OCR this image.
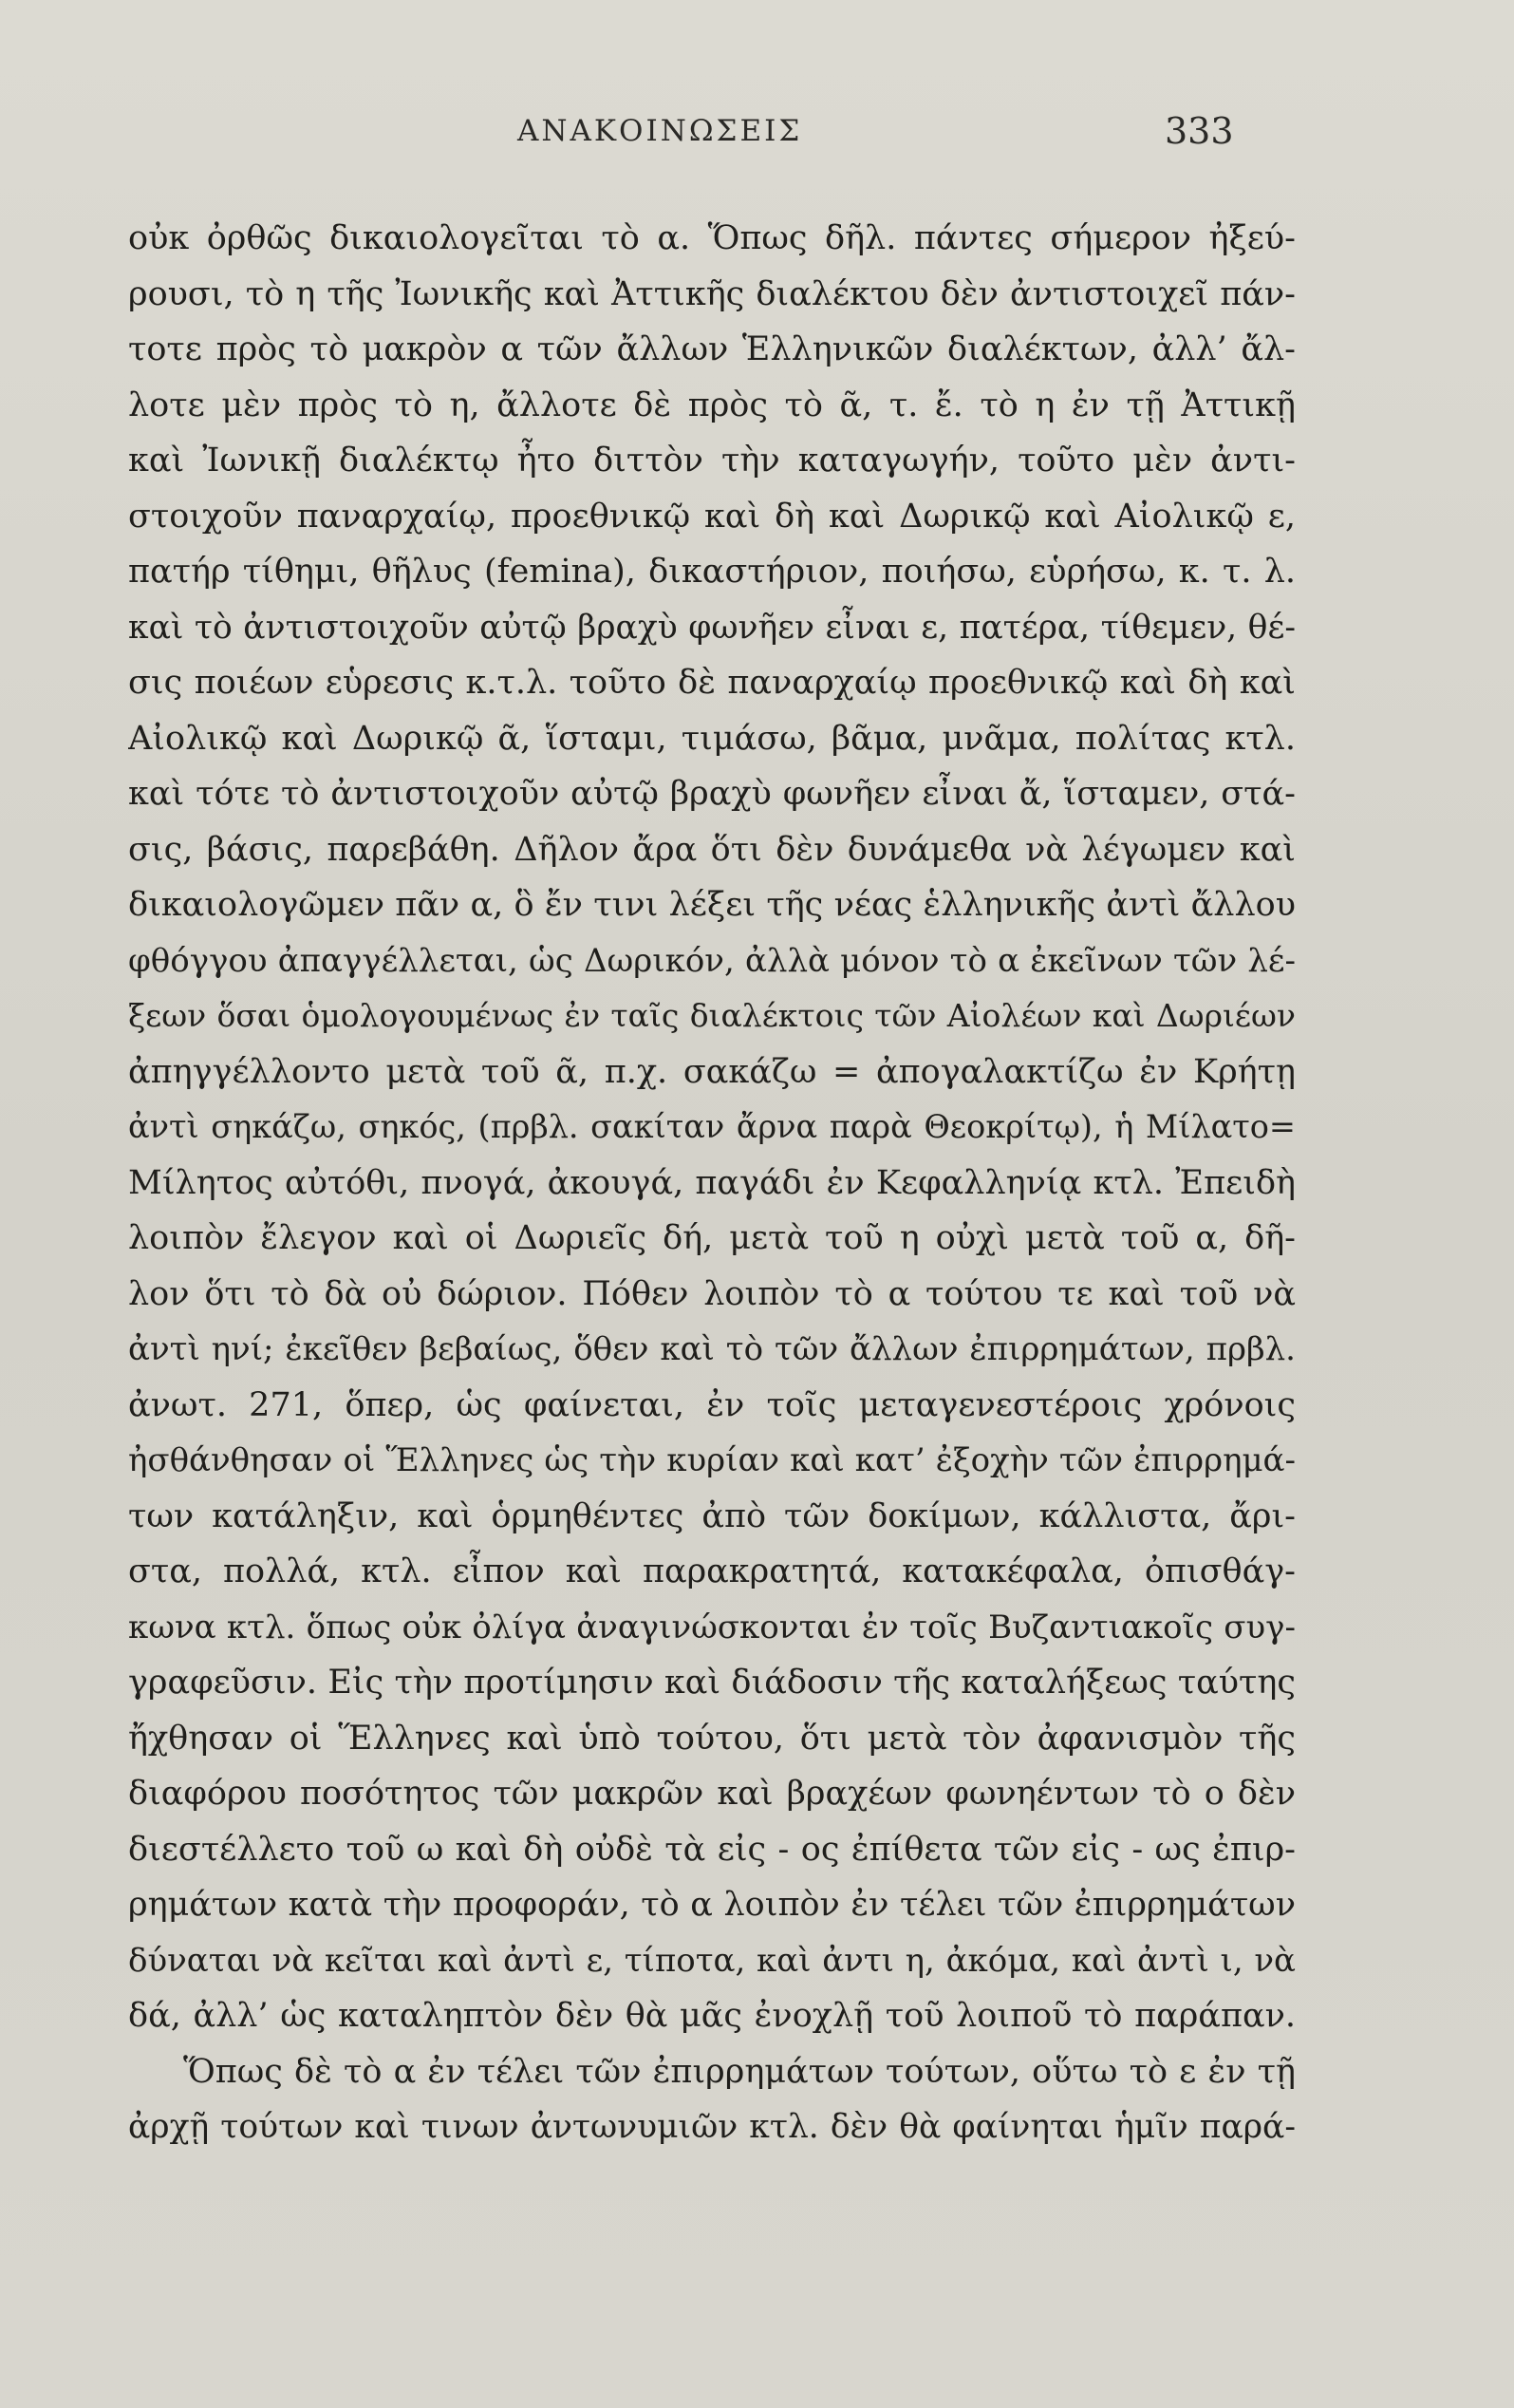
ΑΝΑΚΟΙΝΩΣΕΙΣ	333
οὐκ ὀρθῶς δικαιολογεῖται τὸ α. Ὅπως δῆλ. πάντες σήμερον ἠξεύ-
ρουσι, τὸ η τῆς Ἰωνικῆς καὶ Ἀττικῆς διαλέκτου δὲν ἀντιστοιχεῖ πάν-
τοτε πρὸς τὸ μακρὸν α τῶν ἄλλων Ἑλληνικῶν διαλέκτων, ἀλλ’ ἄλ-
λοτε μὲν πρὸς τὸ η, ἄλλοτε δὲ πρὸς τὸ ᾶ, τ. ἔ. τὸ η ἐν τῇ Ἀττικῇ
καὶ Ἰωνικῇ διαλέκτῳ ἦτο διττὸν τὴν καταγωγήν, τοῦτο μὲν ἀντι-
στοιχοῦν παναρχαίῳ, προεθνικῷ καὶ δὴ καὶ Δωρικῷ καὶ Αἰολικῷ ε,
πατήρ τίθημι, θῆλυς (femina), δικαστήριον, ποιήσω, εὑρήσω, κ. τ. λ.
καὶ τὸ ἀντιστοιχοῦν αὐτῷ βραχὺ φωνῆεν εἶναι ε, πατέρα, τίθεμεν, θέ-
σις ποιέων εὑρεσις κ.τ.λ. τοῦτο δὲ παναρχαίῳ προεθνικῷ καὶ δὴ καὶ
Αἰολικῷ καὶ Δωρικῷ ᾶ, ἵσταμι, τιμάσω, βᾶμα, μνᾶμα, πολίτας κτλ.
καὶ τότε τὸ ἀντιστοιχοῦν αὐτῷ βραχὺ φωνῆεν εἶναι ἄ, ἵσταμεν, στά-
σις, βάσις, παρεβάθη. Δῆλον ἄρα ὅτι δὲν δυνάμεθα νὰ λέγωμεν καὶ
δικαιολογῶμεν πᾶν α, ὃ ἔν τινι λέξει τῆς νέας ἑλληνικῆς ἀντὶ ἄλλου
φθόγγου ἀπαγγέλλεται, ὡς Δωρικόν, ἀλλὰ μόνον τὸ α ἐκεῖνων τῶν λέ-
ξεων ὅσαι ὁμολογουμένως ἐν ταῖς διαλέκτοις τῶν Αἰολέων καὶ Δωριέων
ἀπηγγέλλοντο μετὰ τοῦ ᾶ, π.χ. σακάζω = ἀπογαλακτίζω ἐν Κρήτῃ
ἀντὶ σηκάζω, σηκός, (πρβλ. σακίταν ἄρνα παρὰ Θεοκρίτῳ), ἡ Μίλατο=
Μίλητος αὐτόθι, πνογά, ἀκουγά, παγάδι ἐν Κεφαλληνίᾳ κτλ. Ἐπειδὴ
λοιπὸν ἔλεγον καὶ οἱ Δωριεῖς δή, μετὰ τοῦ η οὐχὶ μετὰ τοῦ α, δῆ-
λον ὅτι τὸ δὰ οὐ δώριον. Πόθεν λοιπὸν τὸ α τούτου τε καὶ τοῦ νὰ
ἀντὶ ηνί; ἐκεῖθεν βεβαίως, ὅθεν καὶ τὸ τῶν ἄλλων ἐπιρρημάτων, πρβλ.
ἀνωτ. 271, ὅπερ, ὡς φαίνεται, ἐν τοῖς μεταγενεστέροις χρόνοις
ἠσθάνθησαν οἱ Ἕλληνες ὡς τὴν κυρίαν καὶ κατ’ ἐξοχὴν τῶν ἐπιρρημά-
των κατάληξιν, καὶ ὁρμηθέντες ἀπὸ τῶν δοκίμων, κάλλιστα, ἄρι-
στα, πολλά, κτλ. εἶπον καὶ παρακρατητά, κατακέφαλα, ὀπισθάγ-
κωνα κτλ. ὅπως οὐκ ὀλίγα ἀναγινώσκονται ἐν τοῖς Βυζαντιακοῖς συγ-
γραφεῦσιν. Εἰς τὴν προτίμησιν καὶ διάδοσιν τῆς καταλήξεως ταύτης
ἤχθησαν οἱ Ἕλληνες καὶ ὑπὸ τούτου, ὅτι μετὰ τὸν ἀφανισμὸν τῆς
διαφόρου ποσότητος τῶν μακρῶν καὶ βραχέων φωνηέντων τὸ ο δὲν
διεστέλλετο τοῦ ω καὶ δὴ οὐδὲ τὰ εἰς - ος ἐπίθετα τῶν εἰς - ως ἐπιρ-
ρημάτων κατὰ τὴν προφοράν, τὸ α λοιπὸν ἐν τέλει τῶν ἐπιρρημάτων
δύναται νὰ κεῖται καὶ ἀντὶ ε, τίποτα, καὶ ἀντι η, ἀκόμα, καὶ ἀντὶ ι, νὰ
δά, ἀλλ’ ὡς καταληπτὸν δὲν θὰ μᾶς ἐνοχλῇ τοῦ λοιποῦ τὸ παράπαν.
Ὅπως δὲ τὸ α ἐν τέλει τῶν ἐπιρρημάτων τούτων, οὕτω τὸ ε ἐν τῇ
ἀρχῇ τούτων καὶ τινων ἀντωνυμιῶν κτλ. δὲν θὰ φαίνηται ἡμῖν παρά-
